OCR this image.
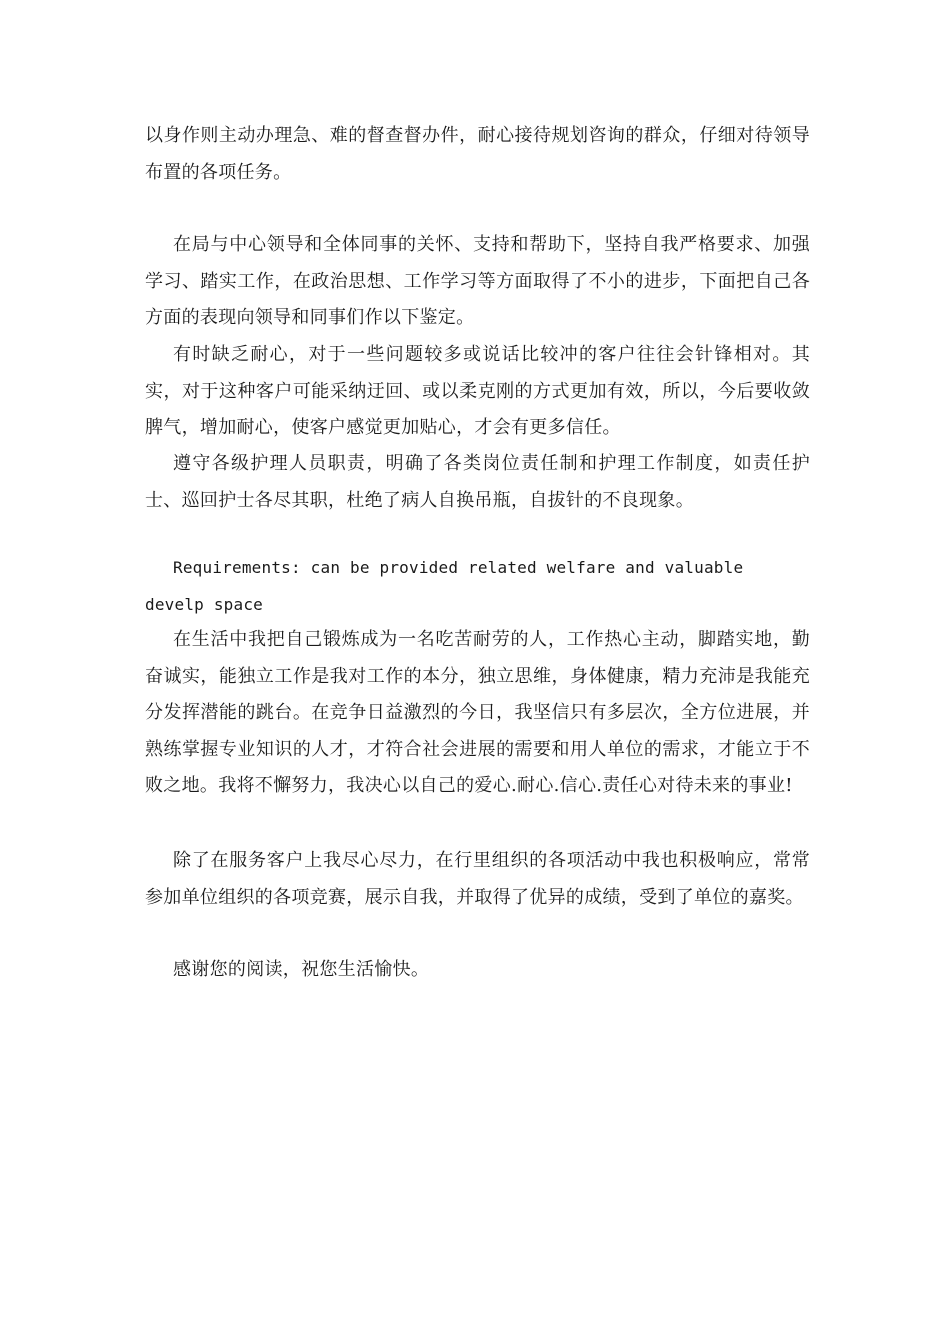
以身作则主动办理急、难的督查督办件，耐心接待规划咨询的群众，仔细对待领导布置的各项任务。

在局与中心领导和全体同事的关怀、支持和帮助下，坚持自我严格要求、加强学习、踏实工作，在政治思想、工作学习等方面取得了不小的进步，下面把自己各方面的表现向领导和同事们作以下鉴定。

有时缺乏耐心，对于一些问题较多或说话比较冲的客户往往会针锋相对。其实，对于这种客户可能采纳迂回、或以柔克刚的方式更加有效，所以，今后要收敛脾气，增加耐心，使客户感觉更加贴心，才会有更多信任。

遵守各级护理人员职责，明确了各类岗位责任制和护理工作制度，如责任护士、巡回护士各尽其职，杜绝了病人自换吊瓶，自拔针的不良现象。

Requirements: can be provided related welfare and valuable develp space

在生活中我把自己锻炼成为一名吃苦耐劳的人，工作热心主动，脚踏实地，勤奋诚实，能独立工作是我对工作的本分，独立思维，身体健康，精力充沛是我能充分发挥潜能的跳台。在竞争日益激烈的今日，我坚信只有多层次，全方位进展，并熟练掌握专业知识的人才，才符合社会进展的需要和用人单位的需求，才能立于不败之地。我将不懈努力，我决心以自己的爱心.耐心.信心.责任心对待未来的事业!

除了在服务客户上我尽心尽力，在行里组织的各项活动中我也积极响应，常常参加单位组织的各项竞赛，展示自我，并取得了优异的成绩，受到了单位的嘉奖。

感谢您的阅读，祝您生活愉快。
